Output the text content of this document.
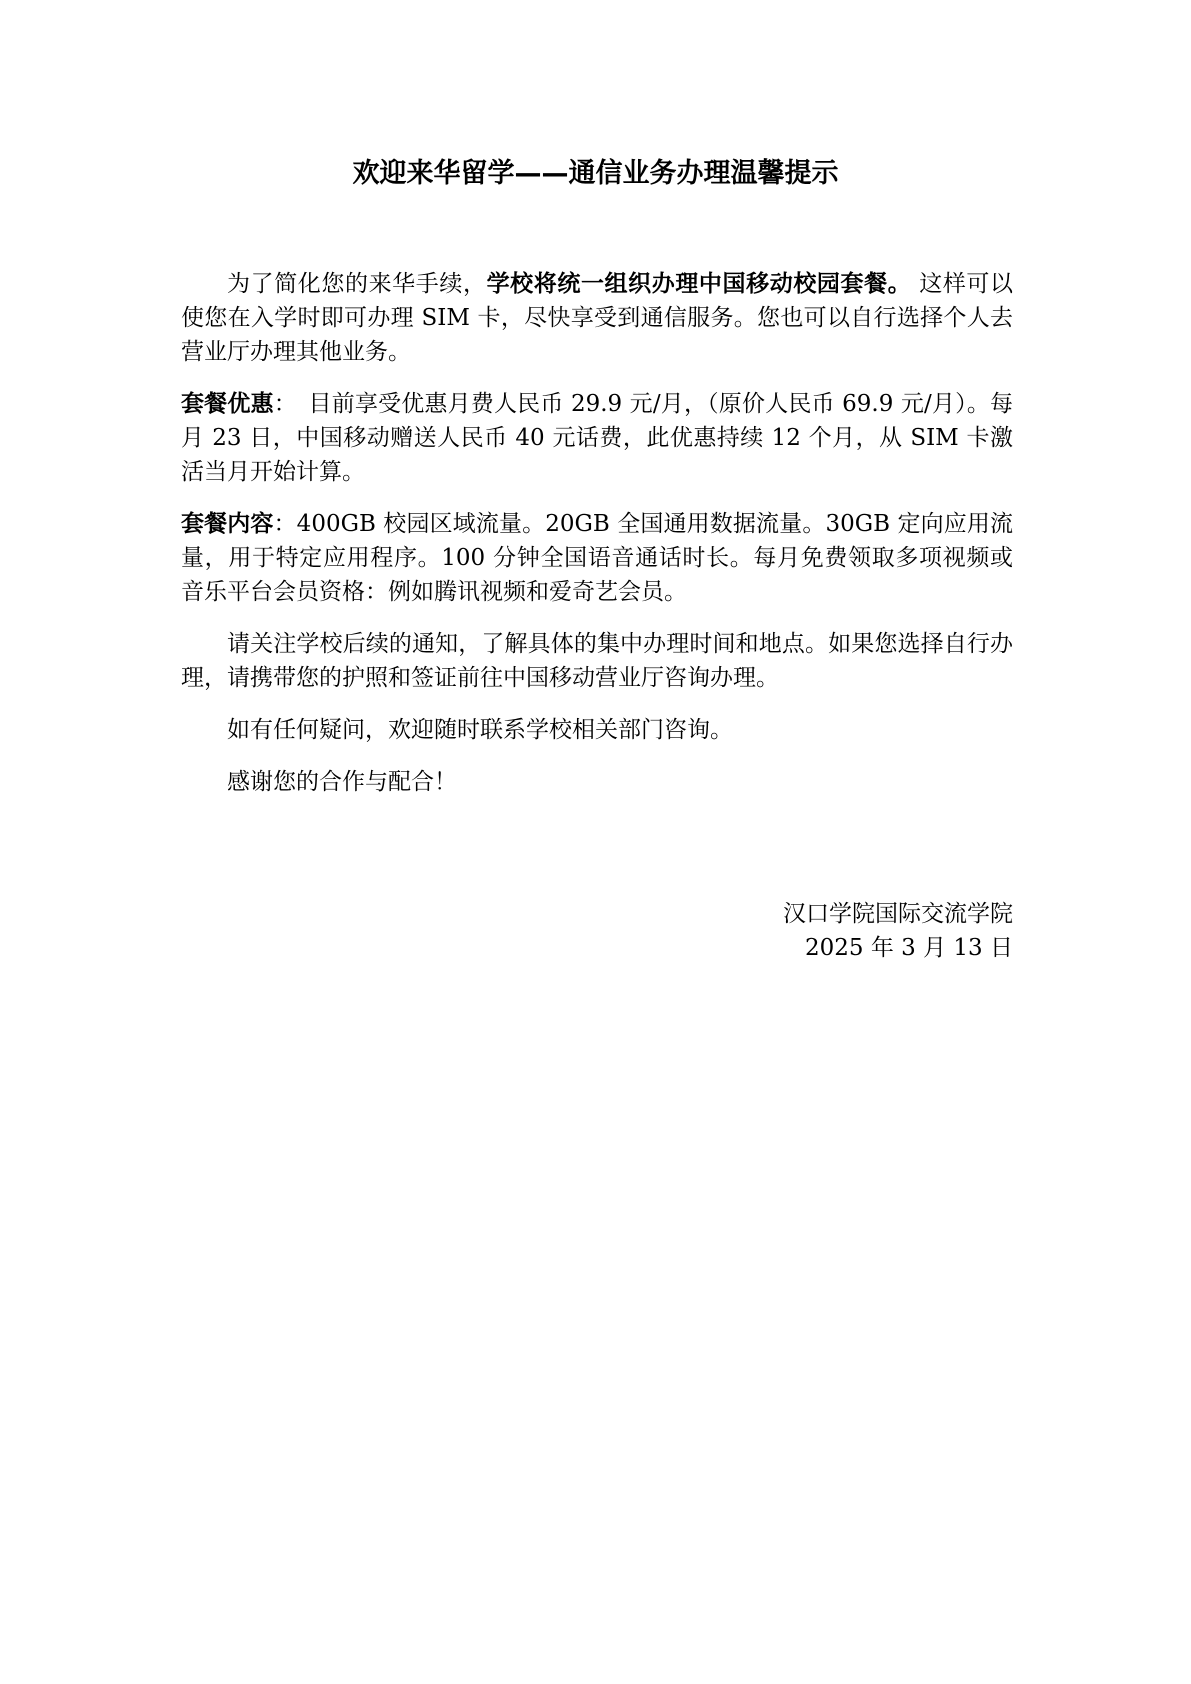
欢迎来华留学——通信业务办理温馨提示

为了简化您的来华手续，学校将统一组织办理中国移动校园套餐。 这样可以使您在入学时即可办理 SIM 卡，尽快享受到通信服务。您也可以自行选择个人去营业厅办理其他业务。

套餐优惠：　目前享受优惠月费人民币 29.9 元/月，（原价人民币 69.9 元/月）。每月 23 日，中国移动赠送人民币 40 元话费，此优惠持续 12 个月，从 SIM 卡激活当月开始计算。

套餐内容：400GB 校园区域流量。20GB 全国通用数据流量。30GB 定向应用流量，用于特定应用程序。100 分钟全国语音通话时长。每月免费领取多项视频或音乐平台会员资格：例如腾讯视频和爱奇艺会员。

请关注学校后续的通知，了解具体的集中办理时间和地点。如果您选择自行办理，请携带您的护照和签证前往中国移动营业厅咨询办理。

如有任何疑问，欢迎随时联系学校相关部门咨询。

感谢您的合作与配合！

汉口学院国际交流学院
2025 年 3 月 13 日
